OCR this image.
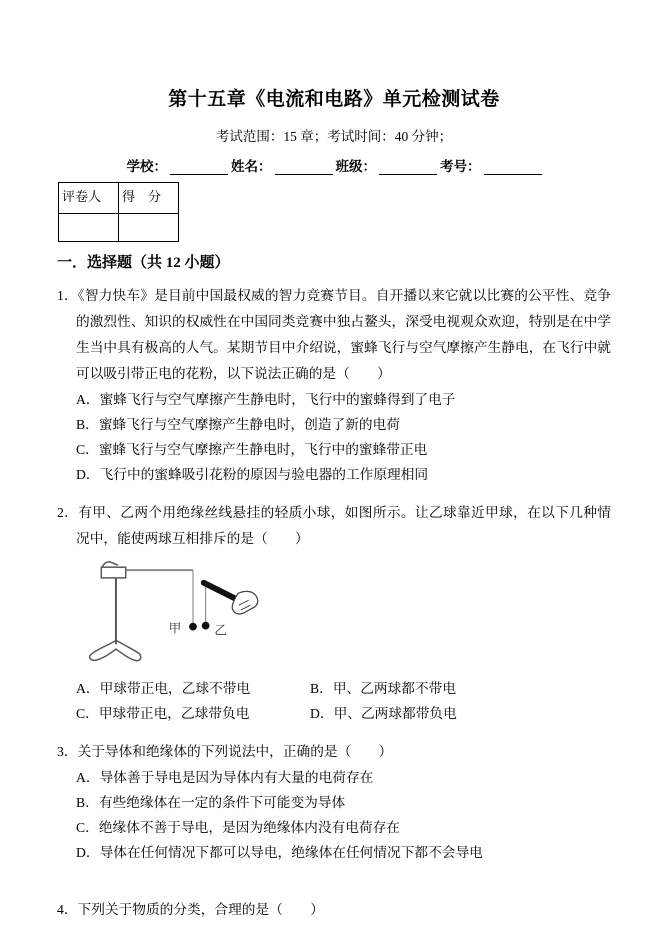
第十五章《电流和电路》单元检测试卷
考试范围：15 章；考试时间：40 分钟；
学校：	姓名：	班级：	考号：
评卷人	得　分

一．选择题（共 12 小题）

1．《智力快车》是目前中国最权威的智力竞赛节目。自开播以来它就以比赛的公平性、竞争的激烈性、知识的权威性在中国同类竞赛中独占鳌头，深受电视观众欢迎，特别是在中学生当中具有极高的人气。某期节目中介绍说，蜜蜂飞行与空气摩擦产生静电，在飞行中就可以吸引带正电的花粉，以下说法正确的是（　　）

A．蜜蜂飞行与空气摩擦产生静电时，飞行中的蜜蜂得到了电子

B．蜜蜂飞行与空气摩擦产生静电时，创造了新的电荷

C．蜜蜂飞行与空气摩擦产生静电时，飞行中的蜜蜂带正电

D．飞行中的蜜蜂吸引花粉的原因与验电器的工作原理相同

2．有甲、乙两个用绝缘丝线悬挂的轻质小球，如图所示。让乙球靠近甲球，在以下几种情况中，能使两球互相排斥的是（　　）

甲	乙

A．甲球带正电，乙球不带电	B．甲、乙两球都不带电

C．甲球带正电，乙球带负电	D．甲、乙两球都带负电

3．关于导体和绝缘体的下列说法中，正确的是（　　）

A．导体善于导电是因为导体内有大量的电荷存在

B．有些绝缘体在一定的条件下可能变为导体

C．绝缘体不善于导电，是因为绝缘体内没有电荷存在

D．导体在任何情况下都可以导电，绝缘体在任何情况下都不会导电

4．下列关于物质的分类，合理的是（　　）
